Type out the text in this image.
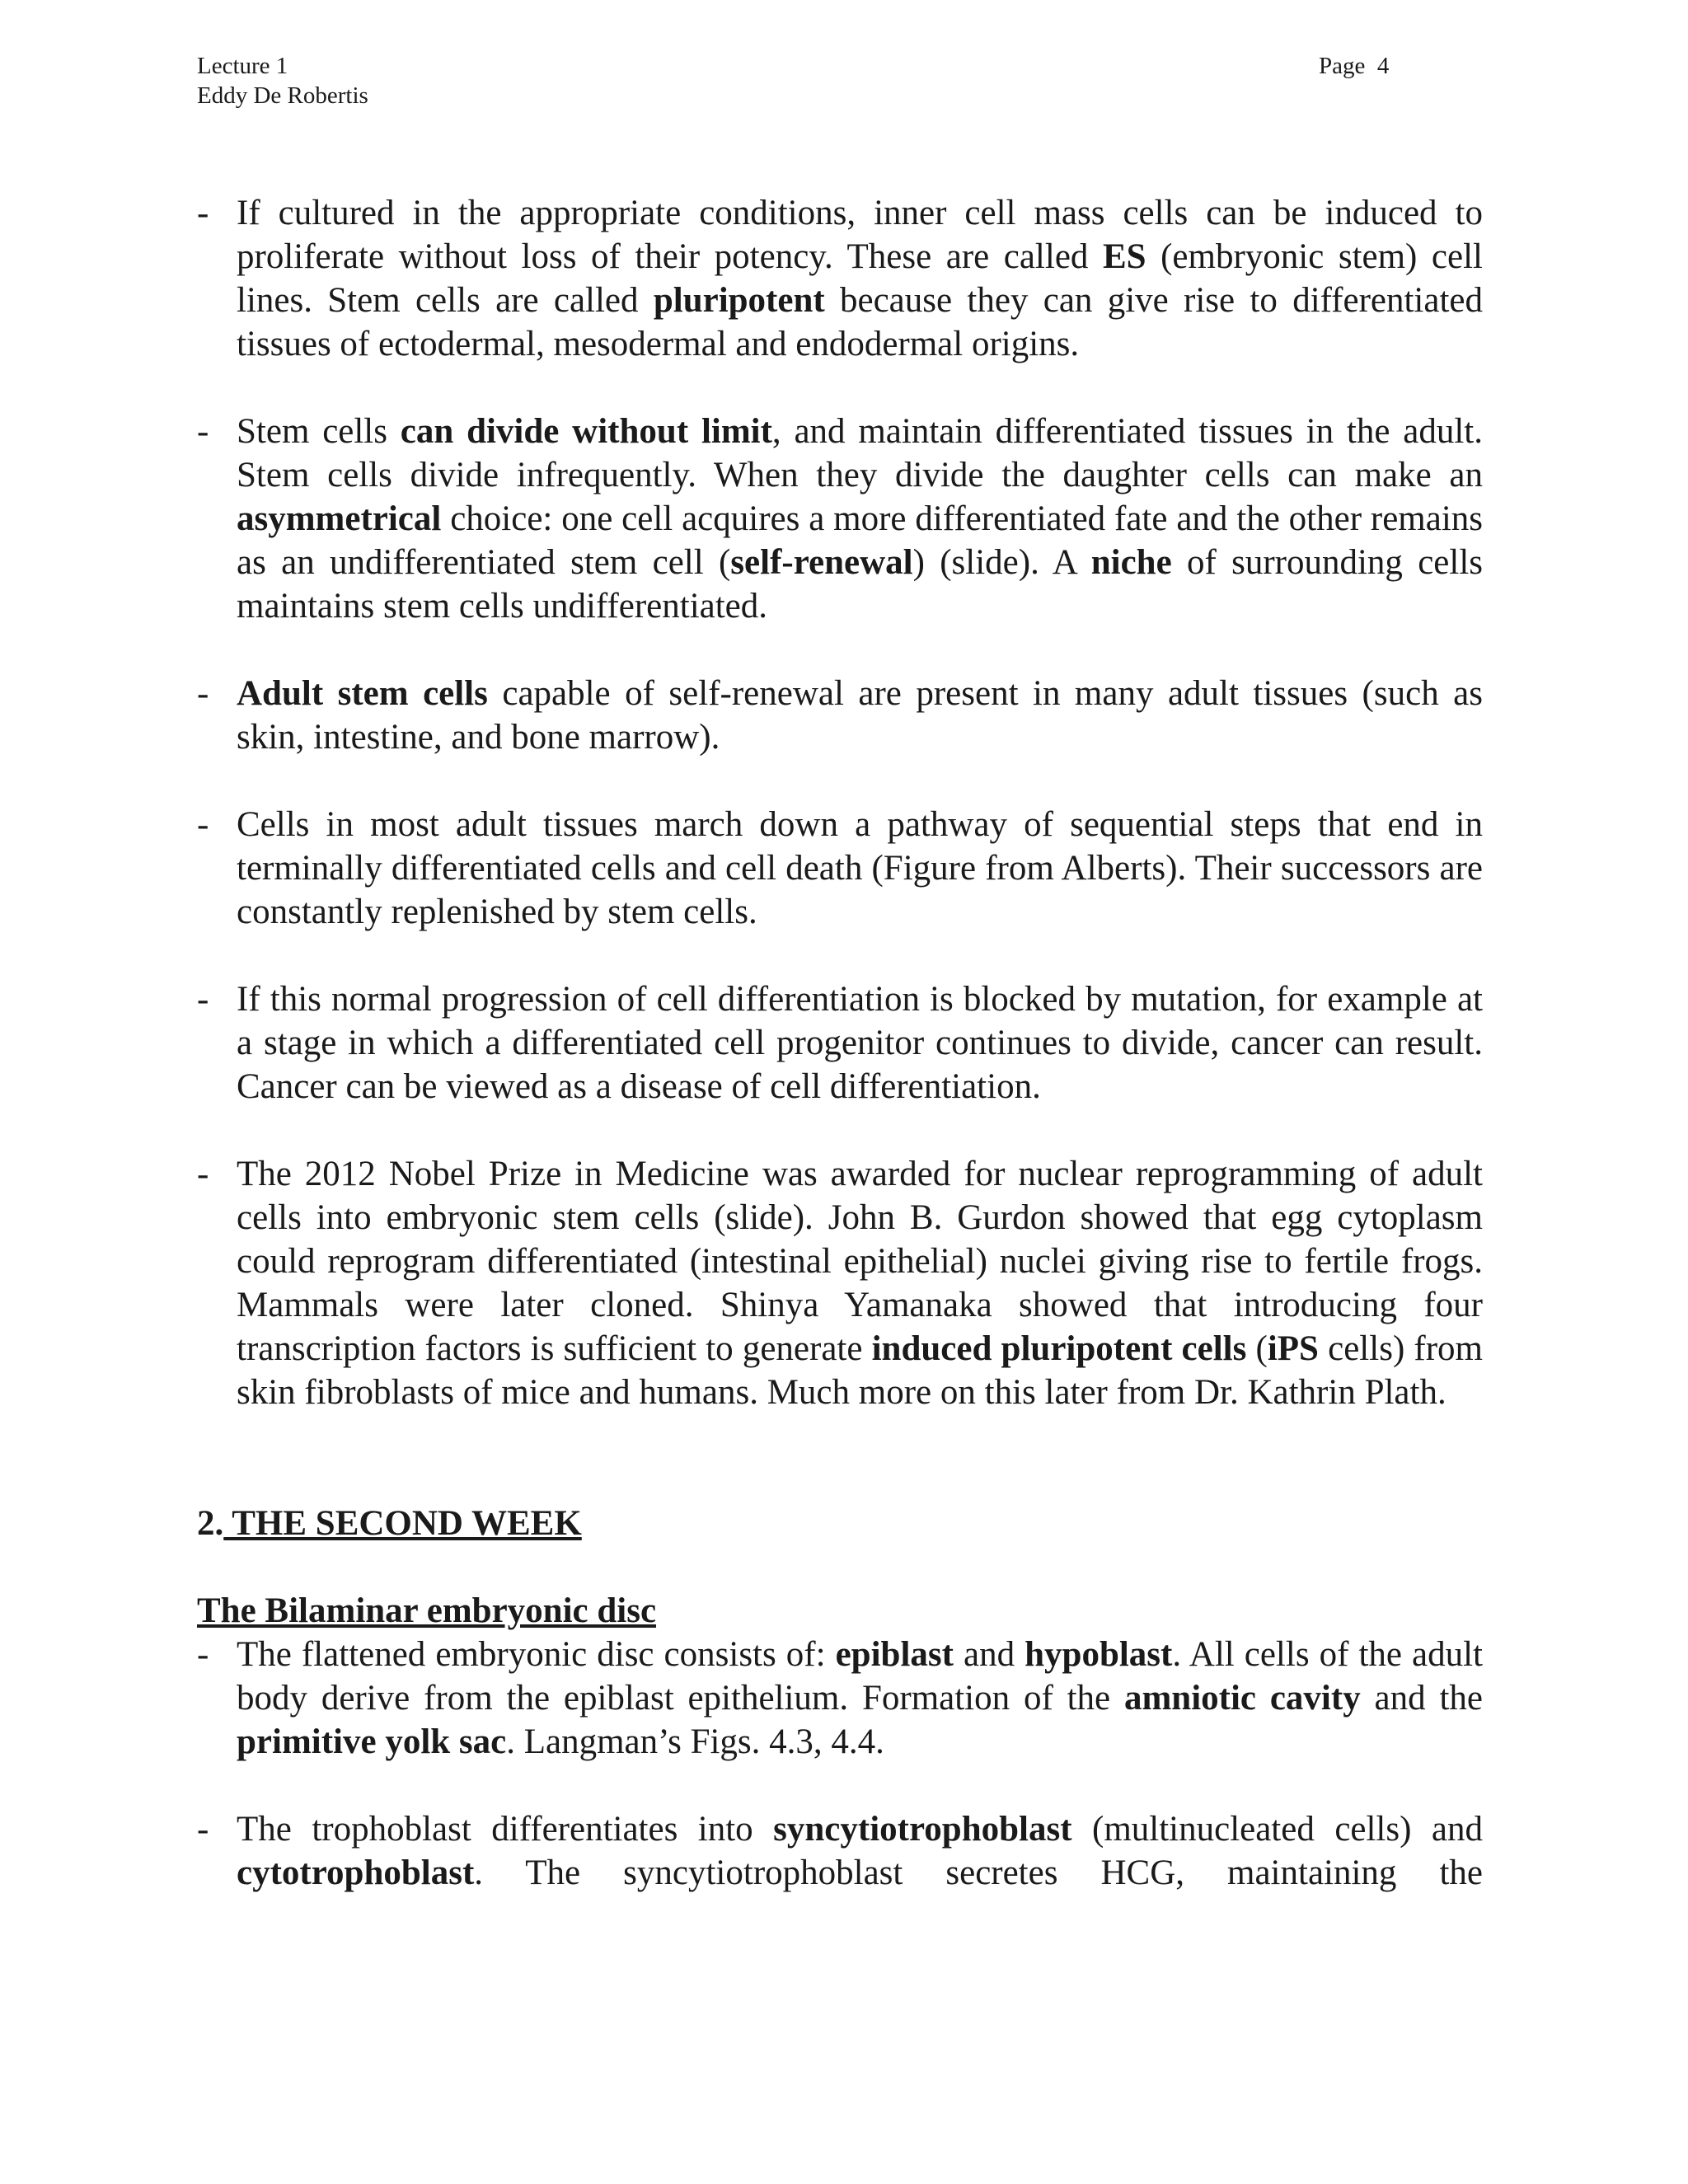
Lecture 1
Eddy De Robertis
Page  4
- If cultured in the appropriate conditions, inner cell mass cells can be induced to proliferate without loss of their potency. These are called ES (embryonic stem) cell lines. Stem cells are called pluripotent because they can give rise to differentiated tissues of ectodermal, mesodermal and endodermal origins.
- Stem cells can divide without limit, and maintain differentiated tissues in the adult. Stem cells divide infrequently. When they divide the daughter cells can make an asymmetrical choice: one cell acquires a more differentiated fate and the other remains as an undifferentiated stem cell (self-renewal) (slide). A niche of surrounding cells maintains stem cells undifferentiated.
- Adult stem cells capable of self-renewal are present in many adult tissues (such as skin, intestine, and bone marrow).
- Cells in most adult tissues march down a pathway of sequential steps that end in terminally differentiated cells and cell death (Figure from Alberts). Their successors are constantly replenished by stem cells.
- If this normal progression of cell differentiation is blocked by mutation, for example at a stage in which a differentiated cell progenitor continues to divide, cancer can result. Cancer can be viewed as a disease of cell differentiation.
- The 2012 Nobel Prize in Medicine was awarded for nuclear reprogramming of adult cells into embryonic stem cells (slide). John B. Gurdon showed that egg cytoplasm could reprogram differentiated (intestinal epithelial) nuclei giving rise to fertile frogs. Mammals were later cloned. Shinya Yamanaka showed that introducing four transcription factors is sufficient to generate induced pluripotent cells (iPS cells) from skin fibroblasts of mice and humans. Much more on this later from Dr. Kathrin Plath.
2. THE SECOND WEEK
The Bilaminar embryonic disc
- The flattened embryonic disc consists of: epiblast and hypoblast. All cells of the adult body derive from the epiblast epithelium. Formation of the amniotic cavity and the primitive yolk sac. Langman’s Figs. 4.3, 4.4.
- The trophoblast differentiates into syncytiotrophoblast (multinucleated cells) and cytotrophoblast. The syncytiotrophoblast secretes HCG, maintaining the
